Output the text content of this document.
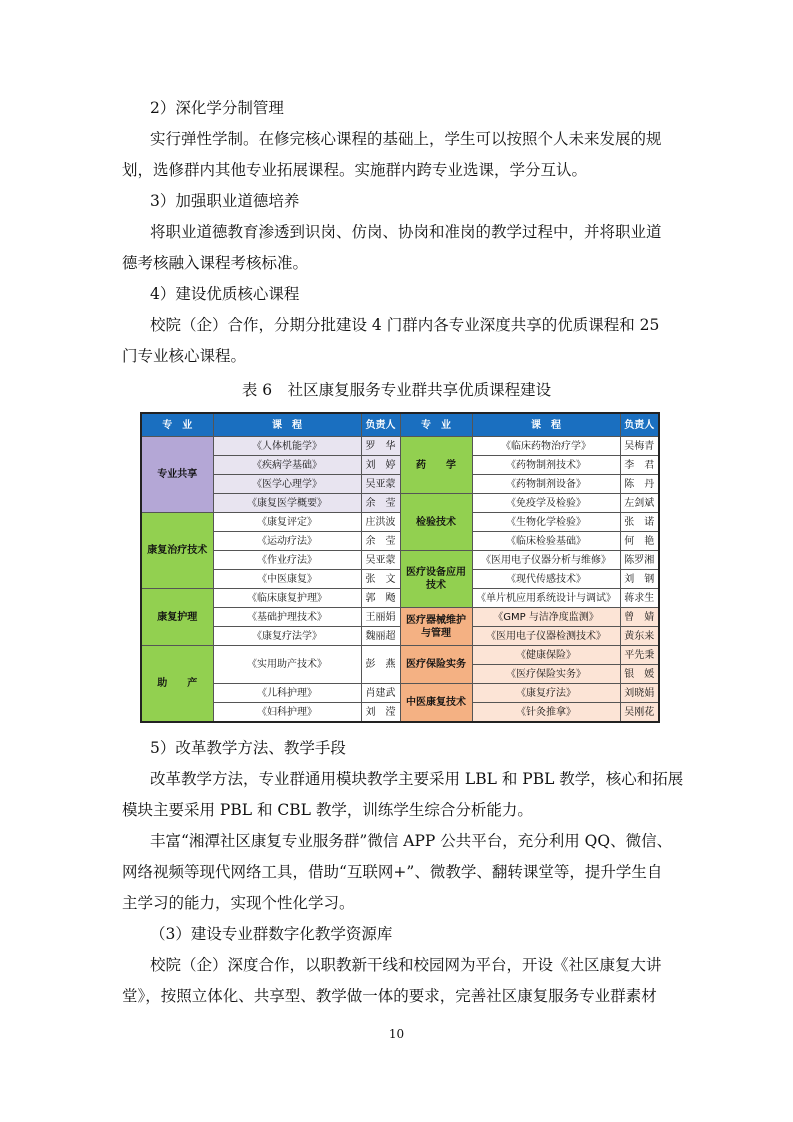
2）深化学分制管理
实行弹性学制。在修完核心课程的基础上，学生可以按照个人未来发展的规
划，选修群内其他专业拓展课程。实施群内跨专业选课，学分互认。
3）加强职业道德培养
将职业道德教育渗透到识岗、仿岗、协岗和准岗的教学过程中，并将职业道
德考核融入课程考核标准。
4）建设优质核心课程
校院（企）合作，分期分批建设 4 门群内各专业深度共享的优质课程和 25
门专业核心课程。
表 6　社区康复服务专业群共享优质课程建设
专　业	课　程	负责人	专　业	课　程	负责人
专业共享	《人体机能学》	罗　华	药　　学	《临床药物治疗学》	吴梅青
	《疾病学基础》	刘　婷		《药物制剂技术》	李　君
	《医学心理学》	吴亚蒙		《药物制剂设备》	陈　丹
	《康复医学概要》	余　莹	检验技术	《免疫学及检验》	左剑斌
康复治疗技术	《康复评定》	庄洪波		《生物化学检验》	张　诺
	《运动疗法》	余　莹		《临床检验基础》	何　艳
	《作业疗法》	吴亚蒙	医疗设备应用技术	《医用电子仪器分析与维修》	陈罗湘
	《中医康复》	张　文		《现代传感技术》	刘　钢
康复护理	《临床康复护理》	郭　飏		《单片机应用系统设计与调试》	蒋求生
	《基础护理技术》	王丽娟	医疗器械维护与管理	《GMP 与洁净度监测》	曾　婧
	《康复疗法学》	魏丽超		《医用电子仪器检测技术》	黄东来
助　　产	《实用助产技术》	彭　燕	医疗保险实务	《健康保险》	平先秉
				《医疗保险实务》	银　媛
	《儿科护理》	肖建武	中医康复技术	《康复疗法》	刘晓娟
	《妇科护理》	刘　滢		《针灸推拿》	吴刚花
5）改革教学方法、教学手段
改革教学方法，专业群通用模块教学主要采用 LBL 和 PBL 教学，核心和拓展
模块主要采用 PBL 和 CBL 教学，训练学生综合分析能力。
丰富“湘潭社区康复专业服务群”微信 APP 公共平台，充分利用 QQ、微信、
网络视频等现代网络工具，借助“互联网+”、微教学、翻转课堂等，提升学生自
主学习的能力，实现个性化学习。
（3）建设专业群数字化教学资源库
校院（企）深度合作，以职教新干线和校园网为平台，开设《社区康复大讲
堂》，按照立体化、共享型、教学做一体的要求，完善社区康复服务专业群素材
10
